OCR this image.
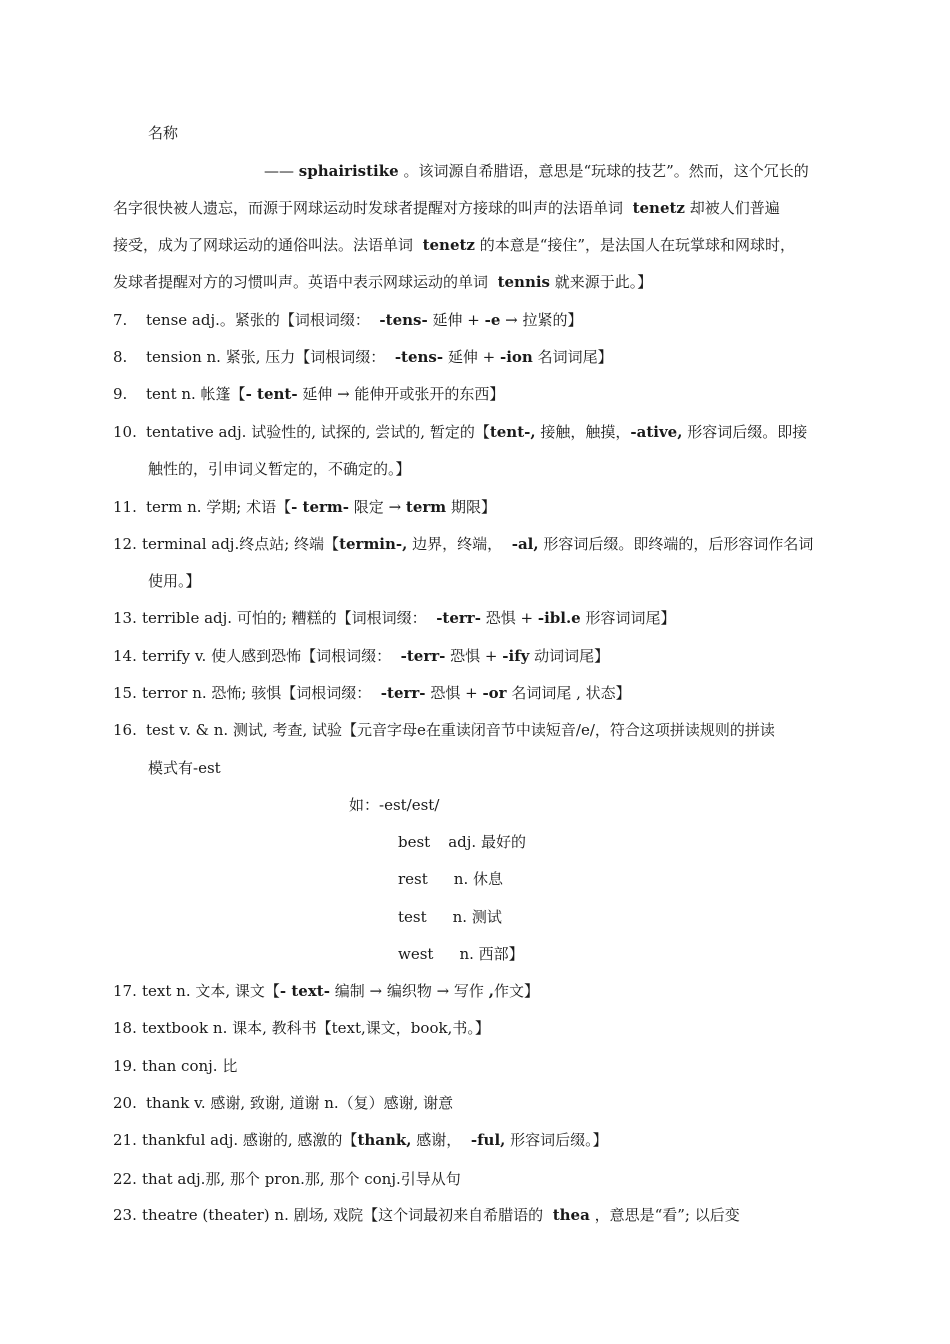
名称
—— sphairistike 。该词源自希腊语，意思是“玩球的技艺”。然而，这个冗长的
名字很快被人遗忘，而源于网球运动时发球者提醒对方接球的叫声的法语单词 tenetz 却被人们普遍
接受，成为了网球运动的通俗叫法。法语单词 tenetz 的本意是“接住”，是法国人在玩掌球和网球时，
发球者提醒对方的习惯叫声。英语中表示网球运动的单词 tennis 就来源于此。】
7. tense adj.。紧张的【词根词缀： -tens- 延伸 + -e → 拉紧的】
8. tension n. 紧张, 压力【词根词缀： -tens- 延伸 + -ion 名词词尾】
9. tent n. 帐篷【- tent- 延伸 → 能伸开或张开的东西】
10. tentative adj. 试验性的, 试探的, 尝试的, 暂定的【tent-, 接触，触摸，-ative, 形容词后缀。即接
触性的，引申词义暂定的，不确定的。】
11. term n. 学期; 术语【- term- 限定 → term 期限】
12. terminal adj.终点站; 终端【termin-, 边界，终端， -al, 形容词后缀。即终端的，后形容词作名词
使用。】
13. terrible adj. 可怕的; 糟糕的【词根词缀： -terr- 恐惧 + -ibl.e 形容词词尾】
14. terrify v. 使人感到恐怖【词根词缀： -terr- 恐惧 + -ify 动词词尾】
15. terror n. 恐怖; 骇惧【词根词缀： -terr- 恐惧 + -or 名词词尾 , 状态】
16. test v. & n. 测试, 考查, 试验【元音字母e在重读闭音节中读短音/e/，符合这项拼读规则的拼读
模式有-est
如：-est/est/
best adj. 最好的
rest n. 休息
test n. 测试
west n. 西部】
17. text n. 文本, 课文【- text- 编制 → 编织物 → 写作 ,作文】
18. textbook n. 课本, 教科书【text,课文，book,书。】
19. than conj. 比
20. thank v. 感谢, 致谢, 道谢 n.（复）感谢, 谢意
21. thankful adj. 感谢的, 感激的【thank, 感谢， -ful, 形容词后缀。】
22. that adj.那, 那个 pron.那, 那个 conj.引导从句
23. theatre (theater) n. 剧场, 戏院【这个词最初来自希腊语的 thea ，意思是“看”; 以后变
